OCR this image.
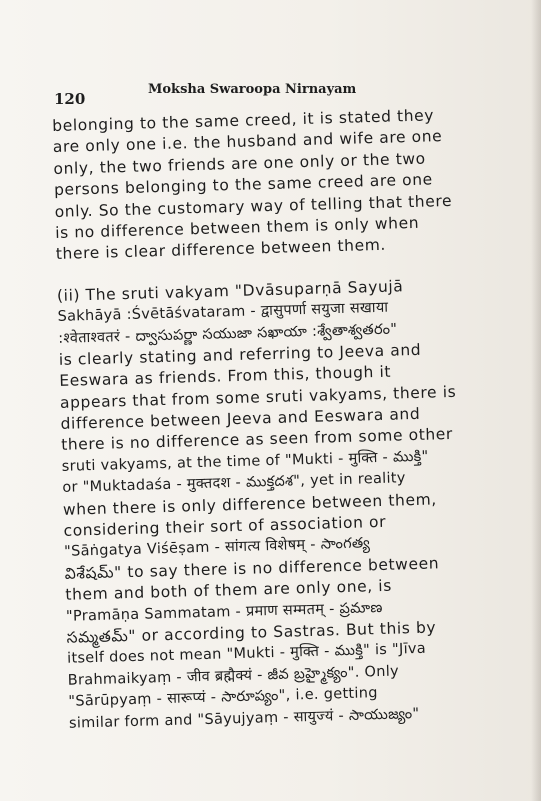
120
Moksha Swaroopa Nirnayam
belonging to the same creed, it is stated they
are only one i.e. the husband and wife are one
only, the two friends are one only or the two
persons belonging to the same creed are one
only. So the customary way of telling that there
is no difference between them is only when
there is clear difference between them.
(ii) The sruti vakyam "Dvāsuparṇā Sayujā
Sakhāyā :Śvētāśvataram - द्वासुपर्णा सयुजा सखाया
:श्वेताश्वतरं - ద్వాసుపర్ణా సయుజా సఖాయా :శ్వేతాశ్వతరం"
is clearly stating and referring to Jeeva and
Eeswara as friends. From this, though it
appears that from some sruti vakyams, there is
difference between Jeeva and Eeswara and
there is no difference as seen from some other
sruti vakyams, at the time of "Mukti - मुक्ति - ముక్తి"
or "Muktadaśa - मुक्तदश - ముక్తదశ", yet in reality
when there is only difference between them,
considering their sort of association or
"Sāṅgatya Viśēṣam - सांगत्य विशेषम् - సాంగత్య
విశేషమ్" to say there is no difference between
them and both of them are only one, is
"Pramāṇa Sammatam - प्रमाण सम्मतम् - ప్రమాణ
సమ్మతమ్" or according to Sastras. But this by
itself does not mean "Mukti - मुक्ति - ముక్తి" is "Jīva
Brahmaikyaṃ - जीव ब्रह्मैक्यं - జీవ బ్రహ్మైక్యం". Only
"Sārūpyaṃ - सारूप्यं - సారూప్యం", i.e. getting
similar form and "Sāyujyaṃ - सायुज्यं - సాయుజ్యం"
